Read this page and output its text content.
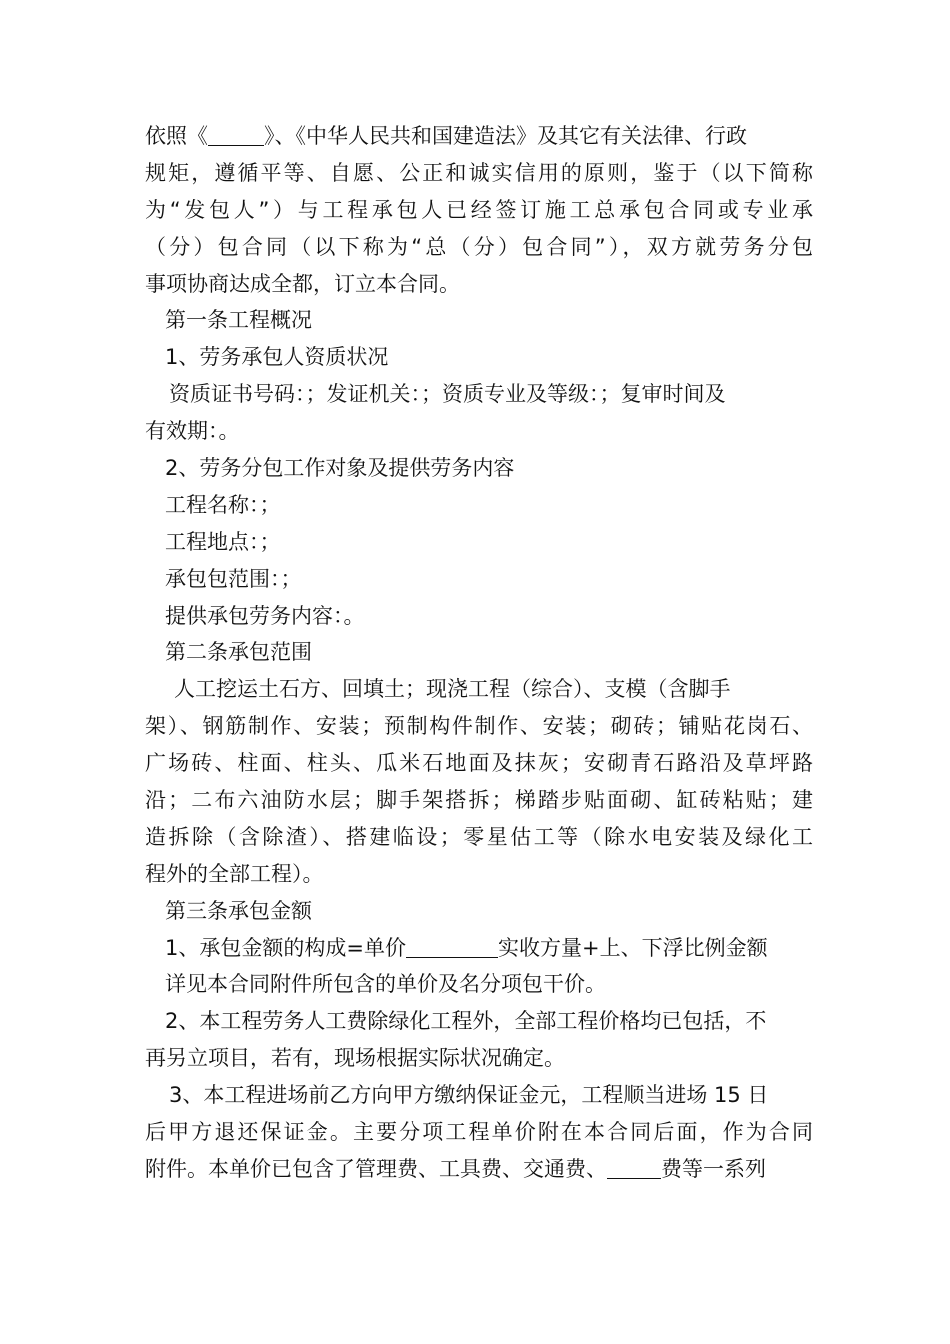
依照《	》、《中华人民共和国建造法》及其它有关法律、行政
规矩，遵循平等、自愿、公正和诚实信用的原则，鉴于（以下简称
为“发包人”）与工程承包人已经签订施工总承包合同或专业承
（分）包合同（以下称为“总（分）包合同”），双方就劳务分包
事项协商达成全都，订立本合同。
第一条工程概况
1、劳务承包人资质状况
资质证书号码：；发证机关：；资质专业及等级：；复审时间及
有效期：。
2、劳务分包工作对象及提供劳务内容
工程名称：；
工程地点：；
承包包范围：；
提供承包劳务内容：。
第二条承包范围
人工挖运土石方、回填土；现浇工程（综合）、支模（含脚手
架）、钢筋制作、安装；预制构件制作、安装；砌砖；铺贴花岗石、
广场砖、柱面、柱头、瓜米石地面及抹灰；安砌青石路沿及草坪路
沿；二布六油防水层；脚手架搭拆；梯踏步贴面砌、缸砖粘贴；建
造拆除（含除渣）、搭建临设；零星估工等（除水电安装及绿化工
程外的全部工程）。
第三条承包金额
1、承包金额的构成=单价	实收方量+上、下浮比例金额
详见本合同附件所包含的单价及名分项包干价。
2、本工程劳务人工费除绿化工程外，全部工程价格均已包括，不
再另立项目，若有，现场根据实际状况确定。
3、本工程进场前乙方向甲方缴纳保证金元，工程顺当进场 15 日
后甲方退还保证金。主要分项工程单价附在本合同后面，作为合同
附件。本单价已包含了管理费、工具费、交通费、	费等一系列
